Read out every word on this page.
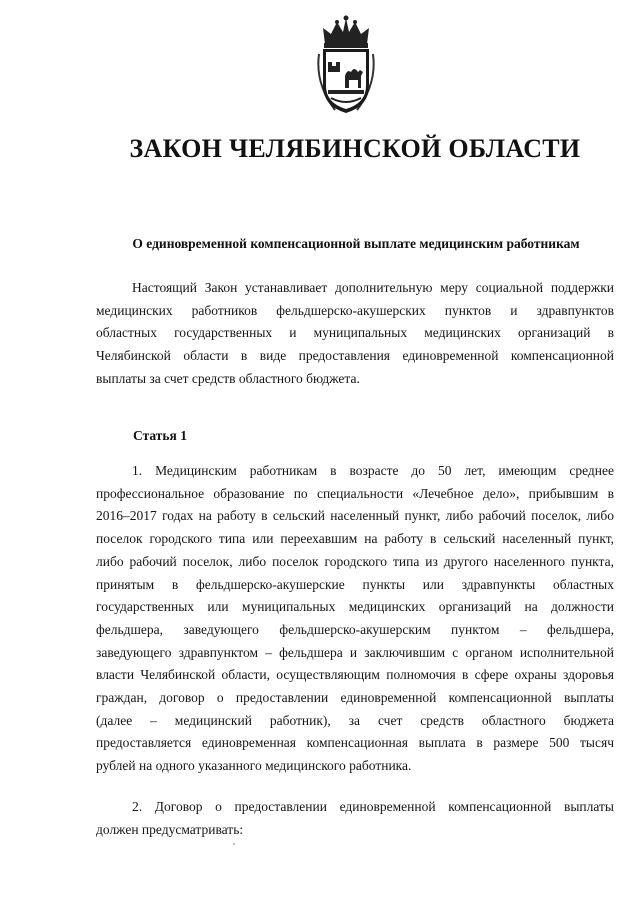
ЗАКОН ЧЕЛЯБИНСКОЙ ОБЛАСТИ
О единовременной компенсационной выплате медицинским работникам
Настоящий Закон устанавливает дополнительную меру социальной поддержки
медицинских работников фельдшерско-акушерских пунктов и здравпунктов
областных государственных и муниципальных медицинских организаций в
Челябинской области в виде предоставления единовременной компенсационной
выплаты за счет средств областного бюджета.
Статья 1
1. Медицинским работникам в возрасте до 50 лет, имеющим среднее
профессиональное образование по специальности «Лечебное дело», прибывшим в
2016–2017 годах на работу в сельский населенный пункт, либо рабочий поселок, либо
поселок городского типа или переехавшим на работу в сельский населенный пункт,
либо рабочий поселок, либо поселок городского типа из другого населенного пункта,
принятым в фельдшерско-акушерские пункты или здравпункты областных
государственных или муниципальных медицинских организаций на должности
фельдшера, заведующего фельдшерско-акушерским пунктом – фельдшера,
заведующего здравпунктом – фельдшера и заключившим с органом исполнительной
власти Челябинской области, осуществляющим полномочия в сфере охраны здоровья
граждан, договор о предоставлении единовременной компенсационной выплаты
(далее – медицинский работник), за счет средств областного бюджета
предоставляется единовременная компенсационная выплата в размере 500 тысяч
рублей на одного указанного медицинского работника.
2. Договор о предоставлении единовременной компенсационной выплаты
должен предусматривать:
